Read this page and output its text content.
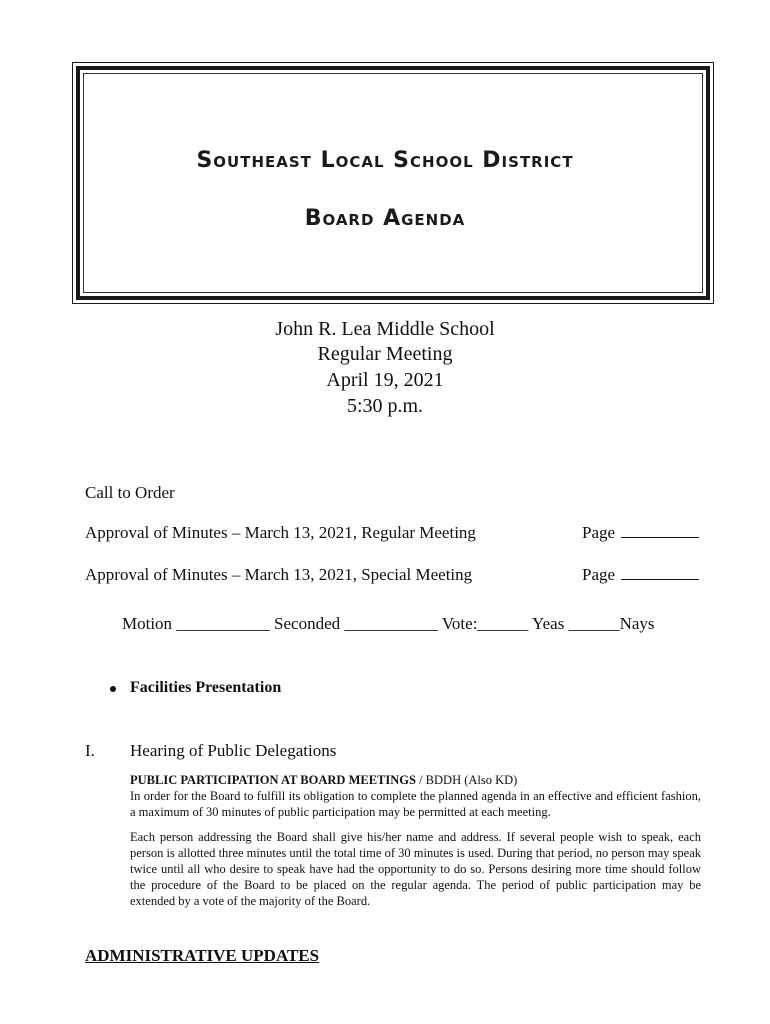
Southeast Local School District
Board Agenda
John R. Lea Middle School
Regular Meeting
April 19, 2021
5:30 p.m.
Call to Order
Approval of Minutes – March 13, 2021, Regular Meeting	Page
Approval of Minutes – March 13, 2021, Special Meeting	Page
Motion ___________ Seconded ___________ Vote:______ Yeas ______Nays
Facilities Presentation
I. Hearing of Public Delegations
PUBLIC PARTICIPATION AT BOARD MEETINGS / BDDH (Also KD)
In order for the Board to fulfill its obligation to complete the planned agenda in an effective and efficient fashion, a maximum of 30 minutes of public participation may be permitted at each meeting.
Each person addressing the Board shall give his/her name and address. If several people wish to speak, each person is allotted three minutes until the total time of 30 minutes is used. During that period, no person may speak twice until all who desire to speak have had the opportunity to do so. Persons desiring more time should follow the procedure of the Board to be placed on the regular agenda. The period of public participation may be extended by a vote of the majority of the Board.
ADMINISTRATIVE UPDATES
